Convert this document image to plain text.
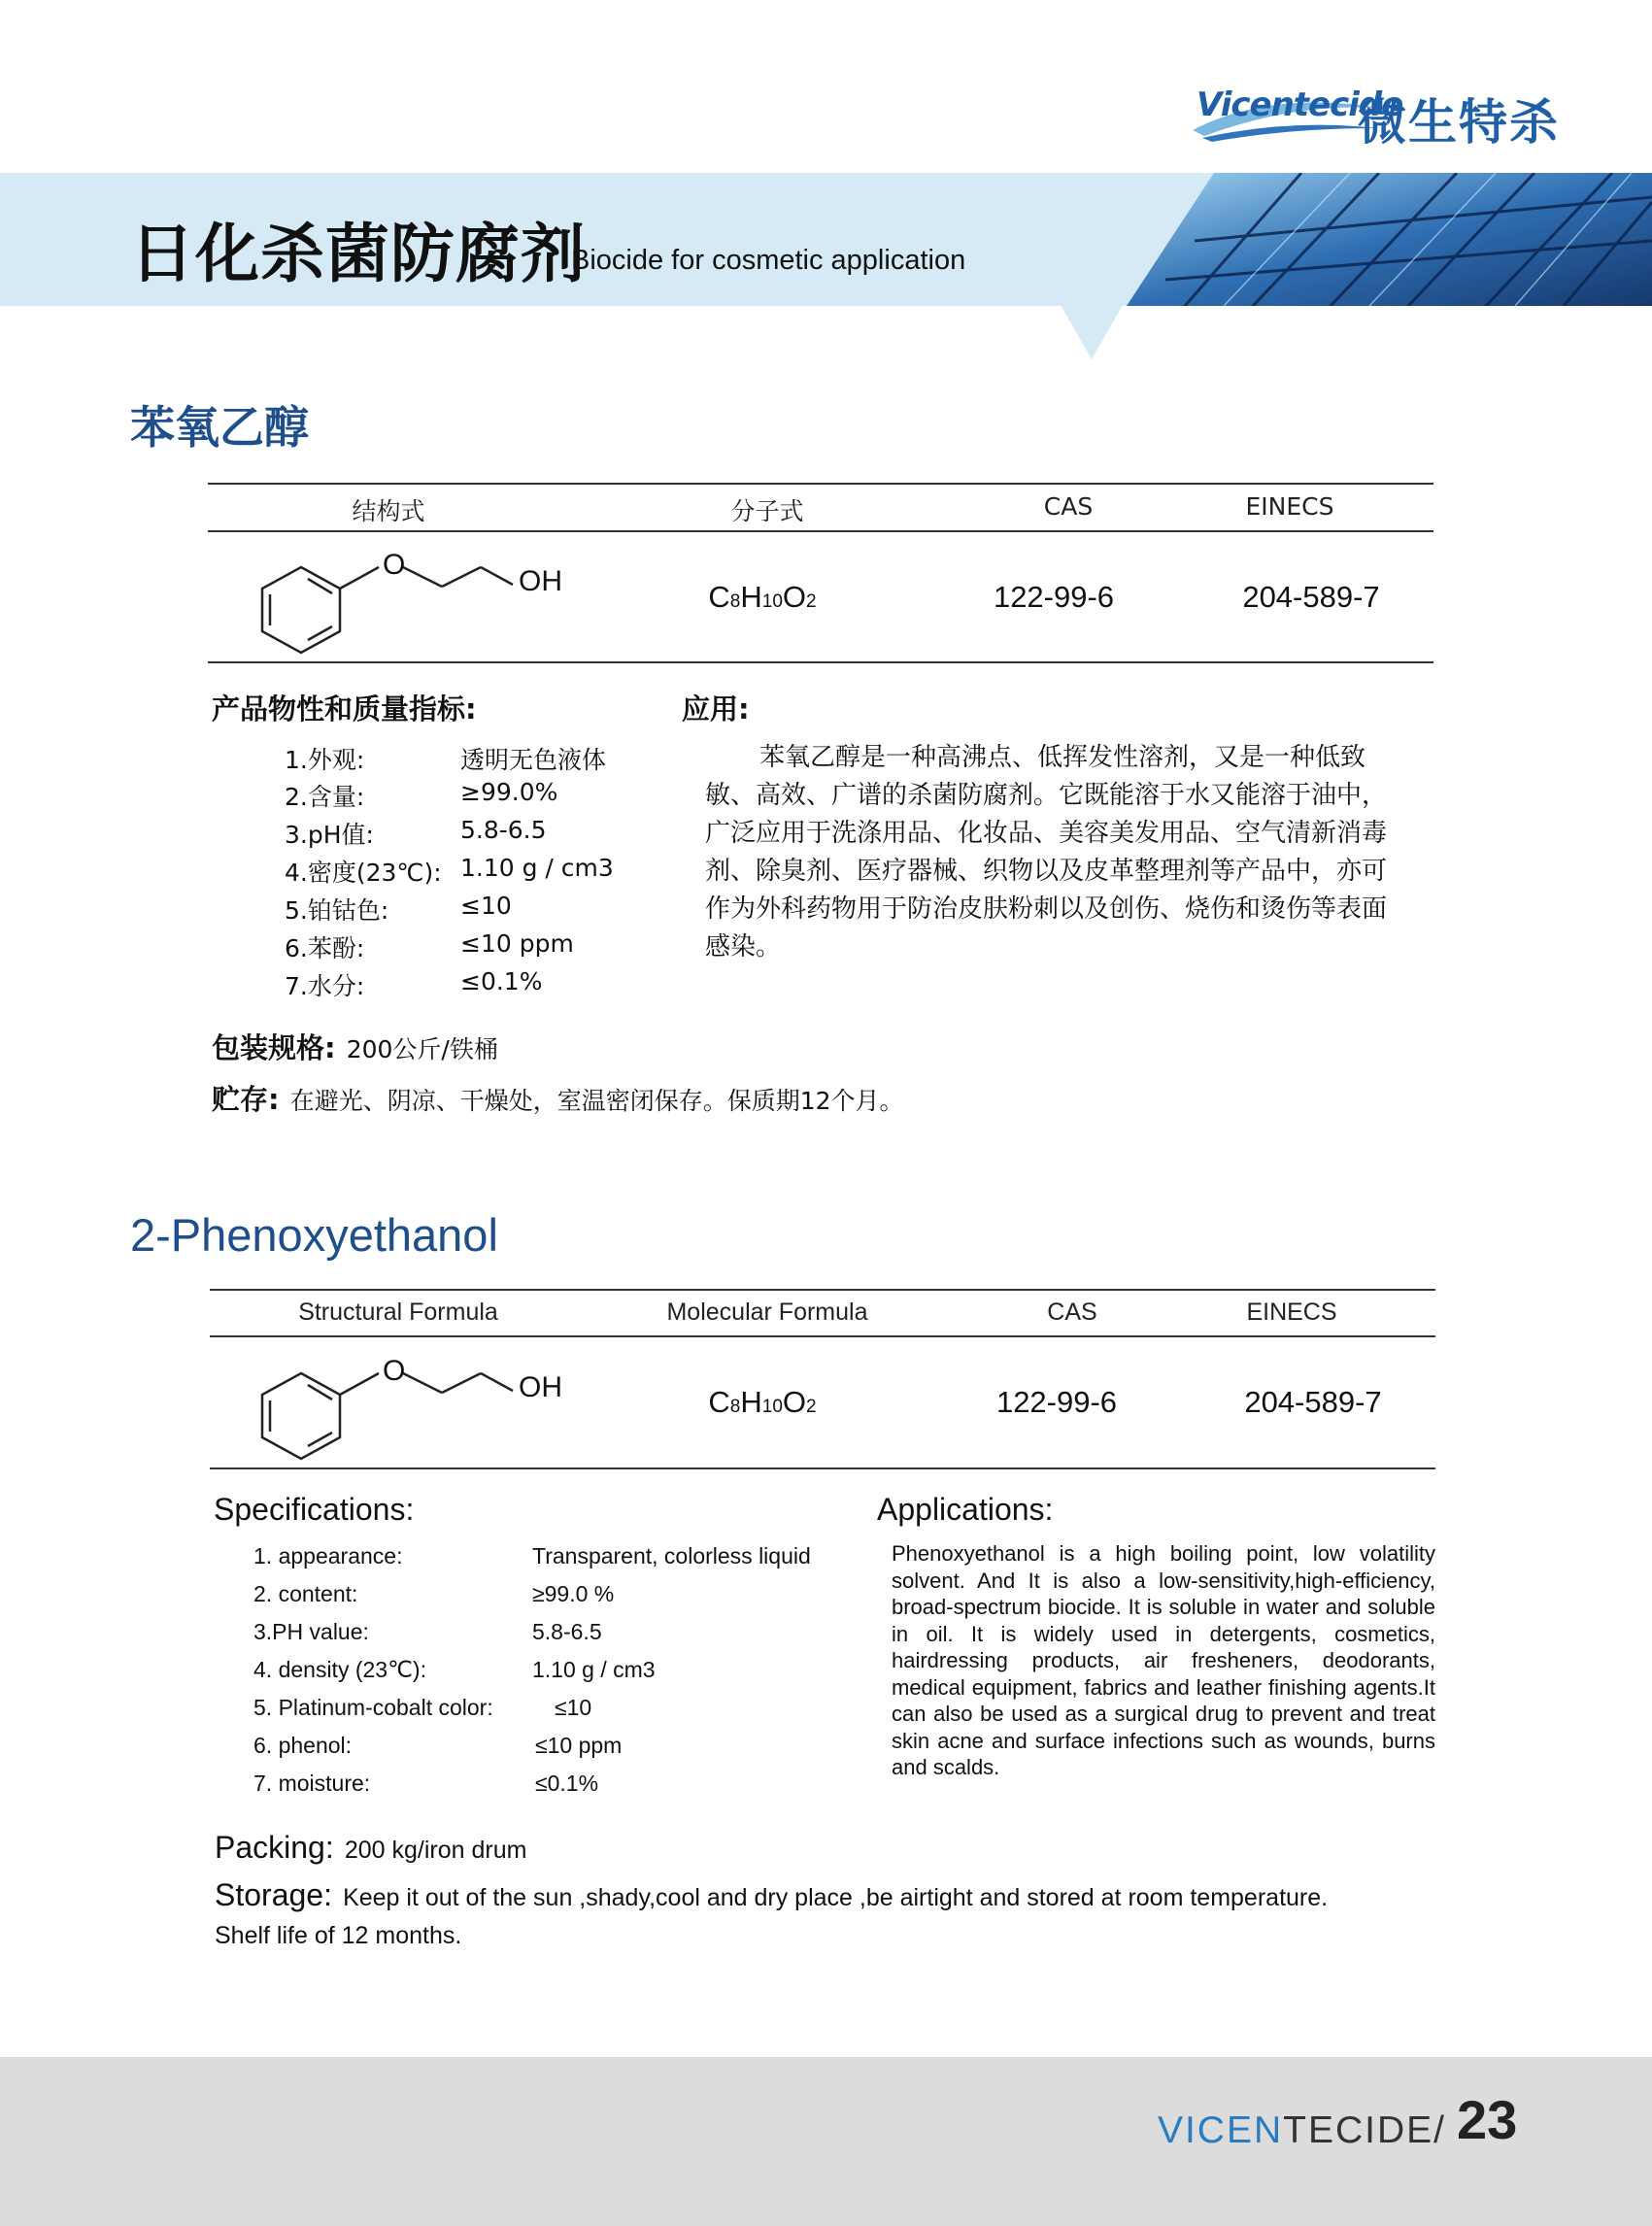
Vicentecide
微生特杀
日化杀菌防腐剂
Biocide for cosmetic application
苯氧乙醇
结构式	分子式	CAS	EINECS
O
OH	C8H10O2	122-99-6	204-589-7
产品物性和质量指标:
1.外观:	透明无色液体
2.含量:	≥99.0%
3.pH值:	5.8-6.5
4.密度(23℃): 1.10 g / cm3
5.铂钴色:	≤10
6.苯酚:	≤10 ppm
7.水分:	≤0.1%
应用:
苯氧乙醇是一种高沸点、低挥发性溶剂，又是一种低致
敏、高效、广谱的杀菌防腐剂。它既能溶于水又能溶于油中，
广泛应用于洗涤用品、化妆品、美容美发用品、空气清新消毒
剂、除臭剂、医疗器械、织物以及皮革整理剂等产品中，亦可
作为外科药物用于防治皮肤粉刺以及创伤、烧伤和烫伤等表面
感染。
包装规格: 200公斤/铁桶
贮存: 在避光、阴凉、干燥处，室温密闭保存。保质期12个月。
2-Phenoxyethanol
Structural Formula	Molecular Formula	CAS	EINECS
O
OH	C8H10O2	122-99-6	204-589-7
Specifications:
1. appearance:	Transparent, colorless liquid
2. content:	≥99.0 %
3.PH value:	5.8-6.5
4. density (23℃):	1.10 g / cm3
5. Platinum-cobalt color:	≤10
6. phenol:	≤10 ppm
7. moisture:	≤0.1%
Applications:
Phenoxyethanol is a high boiling point, low volatility solvent. And It is also a low-sensitivity,high-efficiency, broad-spectrum biocide. It is soluble in water and soluble in oil. It is widely used in detergents, cosmetics, hairdressing products, air fresheners, deodorants, medical equipment, fabrics and leather finishing agents.It can also be used as a surgical drug to prevent and treat skin acne and surface infections such as wounds, burns and scalds.
Packing: 200 kg/iron drum
Storage: Keep it out of the sun ,shady,cool and dry place ,be airtight and stored at room temperature.
Shelf life of 12 months.
VICENTECIDE/ 23
